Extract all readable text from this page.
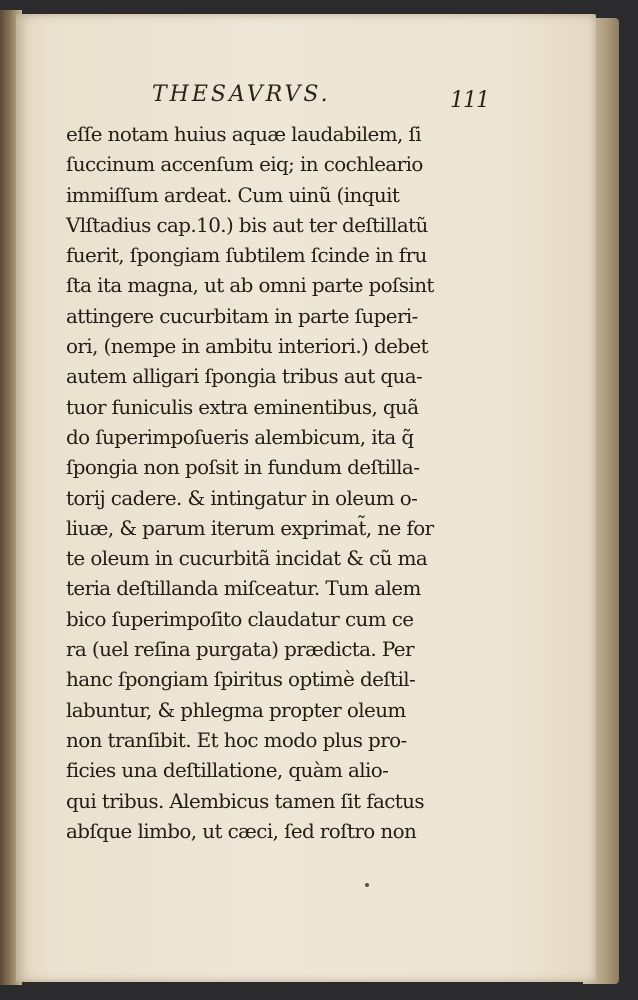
THESAVRVS.	111
eſſe notam huius aquæ laudabilem, ſi
ſuccinum accenſum eiq; in cochleario
immiſſum ardeat. Cum uinũ (inquit
Vlſtadius cap.10.) bis aut ter deſtillatũ
fuerit, ſpongiam ſubtilem ſcinde in fru
ſta ita magna, ut ab omni parte poſsint
attingere cucurbitam in parte ſuperi-
ori, (nempe in ambitu interiori.) debet
autem alligari ſpongia tribus aut qua-
tuor funiculis extra eminentibus, quã
do ſuperimpoſueris alembicum, ita q̃
ſpongia non poſsit in fundum deſtilla-
torij cadere. & intingatur in oleum o-
liuæ, & parum iterum exprimat̃, ne for
te oleum in cucurbitã incidat & cũ ma
teria deſtillanda miſceatur. Tum alem
bico ſuperimpoſito claudatur cum ce
ra (uel reſina purgata) prædicta. Per
hanc ſpongiam ſpiritus optimè deſtil-
labuntur, & phlegma propter oleum
non tranſibit. Et hoc modo plus pro-
ficies una deſtillatione, quàm alio-
qui tribus. Alembicus tamen ſit factus
abſque limbo, ut cæci, ſed roſtro non
